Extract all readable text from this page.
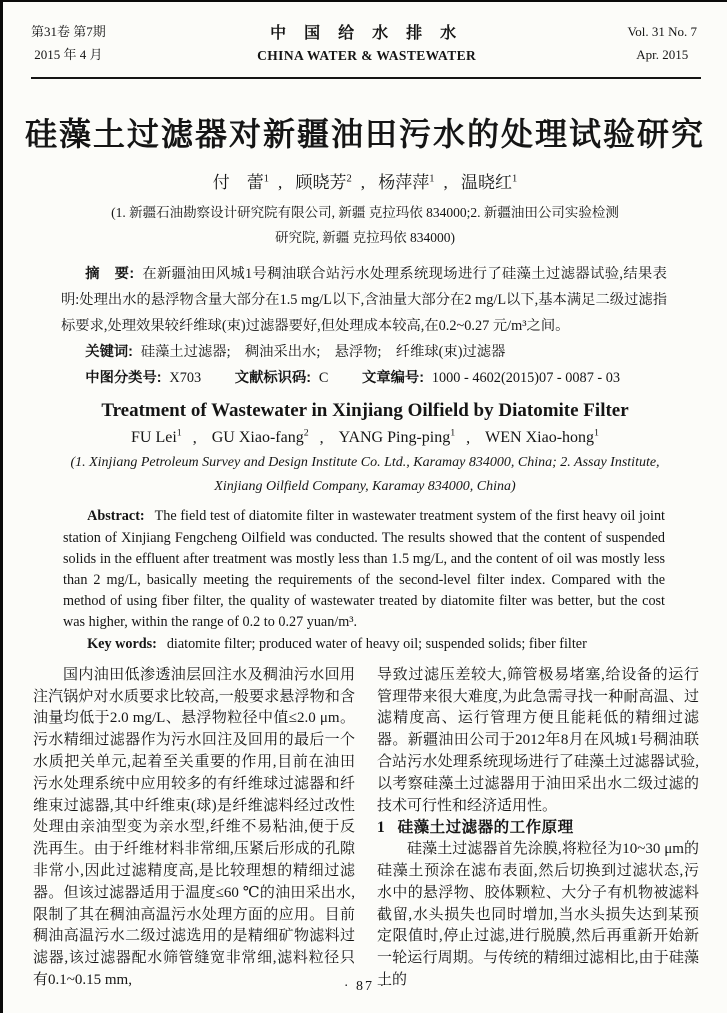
第31卷 第7期
2015 年 4 月
中 国 给 水 排 水
CHINA WATER & WASTEWATER
Vol. 31 No. 7
Apr. 2015
硅藻土过滤器对新疆油田污水的处理试验研究
付　蕾$^1$ , 顾晓芳$^2$ , 杨萍萍$^1$ , 温晓红$^1$
(1. 新疆石油勘察设计研究院有限公司, 新疆 克拉玛依 834000;2. 新疆油田公司实验检测
研究院, 新疆 克拉玛依 834000)

摘　要: 在新疆油田风城1号稠油联合站污水处理系统现场进行了硅藻土过滤器试验,结果表明:处理出水的悬浮物含量大部分在1.5 mg/L以下,含油量大部分在2 mg/L以下,基本满足二级过滤指标要求,处理效果较纤维球(束)过滤器要好,但处理成本较高,在0.2~0.27 元/m³之间。

关键词: 硅藻土过滤器;　稠油采出水;　悬浮物;　纤维球(束)过滤器

中图分类号: X703 文献标识码: C 文章编号: 1000 - 4602(2015)07 - 0087 - 03

Treatment of Wastewater in Xinjiang Oilfield by Diatomite Filter
FU Lei$^1$ , GU Xiao-fang$^2$ , YANG Ping-ping$^1$ , WEN Xiao-hong$^1$
(1. Xinjiang Petroleum Survey and Design Institute Co. Ltd., Karamay 834000, China; 2. Assay Institute,
Xinjiang Oilfield Company, Karamay 834000, China)

Abstract: The field test of diatomite filter in wastewater treatment system of the first heavy oil joint station of Xinjiang Fengcheng Oilfield was conducted. The results showed that the content of suspended solids in the effluent after treatment was mostly less than 1.5 mg/L, and the content of oil was mostly less than 2 mg/L, basically meeting the requirements of the second-level filter index. Compared with the method of using fiber filter, the quality of wastewater treated by diatomite filter was better, but the cost was higher, within the range of 0.2 to 0.27 yuan/m³.

Key words: diatomite filter; produced water of heavy oil; suspended solids; fiber filter

国内油田低渗透油层回注水及稠油污水回用注汽锅炉对水质要求比较高,一般要求悬浮物和含油量均低于2.0 mg/L、悬浮物粒径中值≤2.0 μm。污水精细过滤器作为污水回注及回用的最后一个水质把关单元,起着至关重要的作用,目前在油田污水处理系统中应用较多的有纤维球过滤器和纤维束过滤器,其中纤维束(球)是纤维滤料经过改性处理由亲油型变为亲水型,纤维不易粘油,便于反洗再生。由于纤维材料非常细,压紧后形成的孔隙非常小,因此过滤精度高,是比较理想的精细过滤器。但该过滤器适用于温度≤60 ℃的油田采出水,限制了其在稠油高温污水处理方面的应用。目前稠油高温污水二级过滤选用的是精细矿物滤料过滤器,该过滤器配水筛管缝宽非常细,滤料粒径只有0.1~0.15 mm,

导致过滤压差较大,筛管极易堵塞,给设备的运行管理带来很大难度,为此急需寻找一种耐高温、过滤精度高、运行管理方便且能耗低的精细过滤器。新疆油田公司于2012年8月在风城1号稠油联合站污水处理系统现场进行了硅藻土过滤器试验,以考察硅藻土过滤器用于油田采出水二级过滤的技术可行性和经济适用性。

1 硅藻土过滤器的工作原理

硅藻土过滤器首先涂膜,将粒径为10~30 μm的硅藻土预涂在滤布表面,然后切换到过滤状态,污水中的悬浮物、胶体颗粒、大分子有机物被滤料截留,水头损失也同时增加,当水头损失达到某预定限值时,停止过滤,进行脱膜,然后再重新开始新一轮运行周期。与传统的精细过滤相比,由于硅藻土的

· 87 ·
